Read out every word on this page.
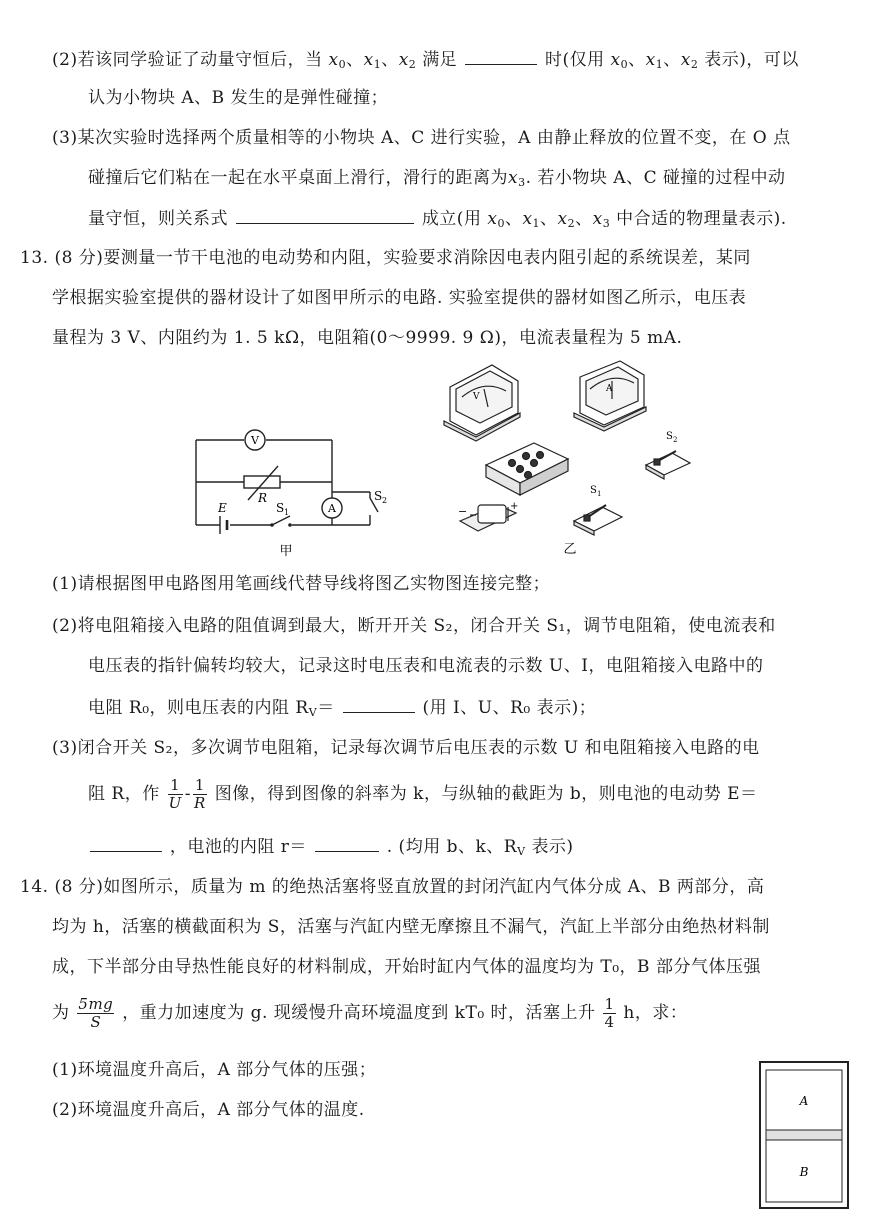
(2)若该同学验证了动量守恒后，当 $x_0$、$x_1$、$x_2$ 满足	时(仅用 $x_0$、$x_1$、$x_2$ 表示)，可以
认为小物块 A、B 发生的是弹性碰撞；
(3)某次实验时选择两个质量相等的小物块 A、C 进行实验，A 由静止释放的位置不变，在 O 点
碰撞后它们粘在一起在水平桌面上滑行，滑行的距离为$x_3$. 若小物块 A、C 碰撞的过程中动
量守恒，则关系式	成立(用 $x_0$、$x_1$、$x_2$、$x_3$ 中合适的物理量表示).
13. (8 分)要测量一节干电池的电动势和内阻，实验要求消除因电表内阻引起的系统误差，某同
学根据实验室提供的器材设计了如图甲所示的电路. 实验室提供的器材如图乙所示，电压表
量程为 3 V、内阻约为 1. 5 kΩ，电阻箱(0～9999. 9 Ω)，电流表量程为 5 mA.
V
A
R
E	S 1
S 2
甲
V
A
S 2
−	+
S 1
乙
(1)请根据图甲电路图用笔画线代替导线将图乙实物图连接完整；
(2)将电阻箱接入电路的阻值调到最大，断开开关 S₂，闭合开关 S₁，调节电阻箱，使电流表和
电压表的指针偏转均较大，记录这时电压表和电流表的示数 U、I，电阻箱接入电路中的
电阻 R₀，则电压表的内阻 $R_V=$	(用 I、U、R₀ 表示)；
(3)闭合开关 S₂，多次调节电阻箱，记录每次调节后电压表的示数 U 和电阻箱接入电路的电
阻 R，作 $\frac{1}{U} - \frac{1}{R}$ 图像，得到图像的斜率为 k，与纵轴的截距为 b，则电池的电动势 E＝
，电池的内阻 r＝	. (均用 b、k、$R_V$ 表示)
14. (8 分)如图所示，质量为 m 的绝热活塞将竖直放置的封闭汽缸内气体分成 A、B 两部分，高
均为 h，活塞的横截面积为 S，活塞与汽缸内壁无摩擦且不漏气，汽缸上半部分由绝热材料制
成，下半部分由导热性能良好的材料制成，开始时缸内气体的温度均为 T₀，B 部分气体压强
为 $\frac{5mg}{S}$ ，重力加速度为 g. 现缓慢升高环境温度到 kT₀ 时，活塞上升 $\frac{1}{4}$ h，求：
(1)环境温度升高后，A 部分气体的压强；
(2)环境温度升高后，A 部分气体的温度.	A
B
